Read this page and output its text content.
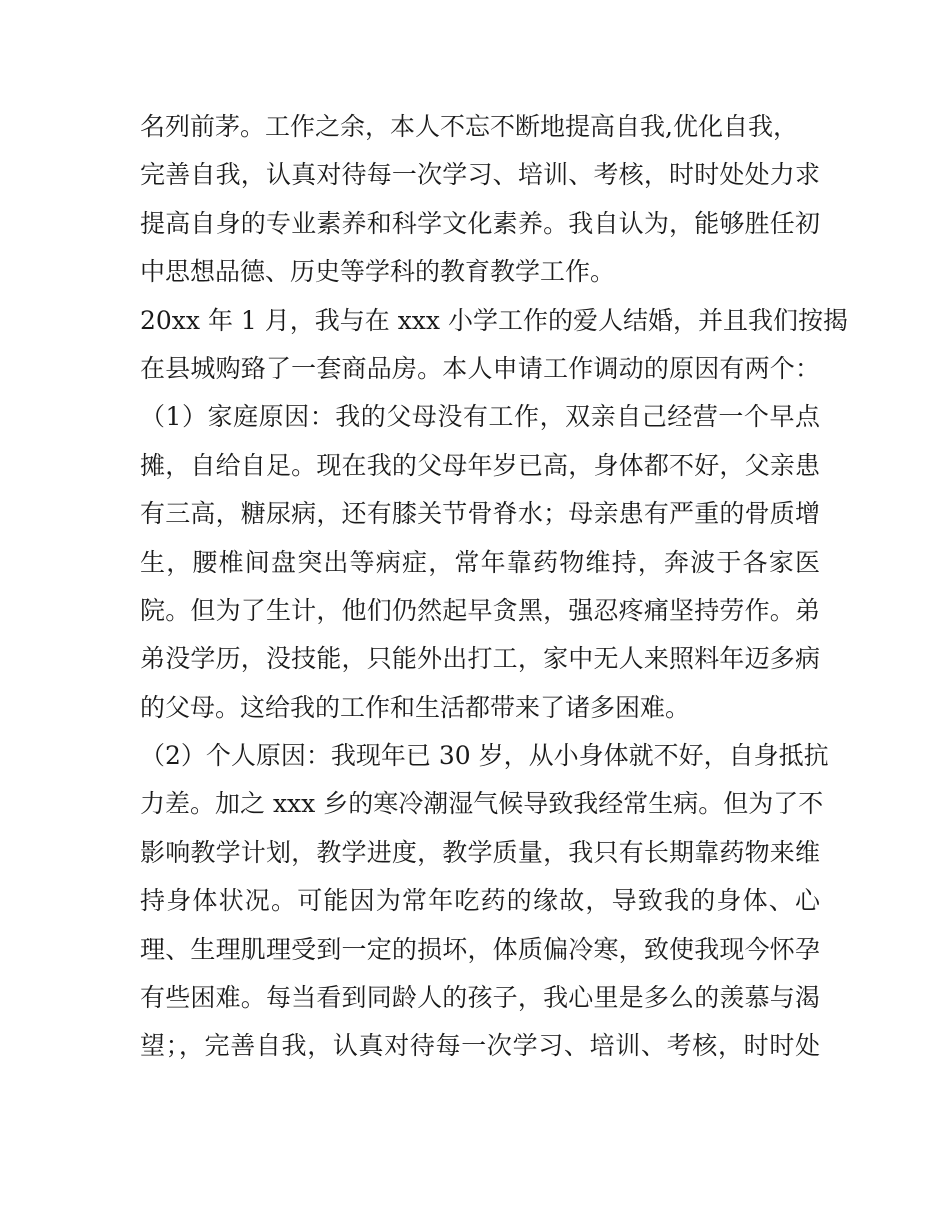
名列前茅。工作之余，本人不忘不断地提高自我,优化自我，
完善自我，认真对待每一次学习、培训、考核，时时处处力求
提高自身的专业素养和科学文化素养。我自认为，能够胜任初
中思想品德、历史等学科的教育教学工作。
20xx 年 1 月，我与在 xxx 小学工作的爱人结婚，并且我们按揭
在县城购臵了一套商品房。本人申请工作调动的原因有两个：
（1）家庭原因：我的父母没有工作，双亲自己经营一个早点
摊，自给自足。现在我的父母年岁已高，身体都不好，父亲患
有三高，糖尿病，还有膝关节骨脊水；母亲患有严重的骨质增
生，腰椎间盘突出等病症，常年靠药物维持，奔波于各家医
院。但为了生计，他们仍然起早贪黑，强忍疼痛坚持劳作。弟
弟没学历，没技能，只能外出打工，家中无人来照料年迈多病
的父母。这给我的工作和生活都带来了诸多困难。
（2）个人原因：我现年已 30 岁，从小身体就不好，自身抵抗
力差。加之 xxx 乡的寒冷潮湿气候导致我经常生病。但为了不
影响教学计划，教学进度，教学质量，我只有长期靠药物来维
持身体状况。可能因为常年吃药的缘故，导致我的身体、心
理、生理肌理受到一定的损坏，体质偏冷寒，致使我现今怀孕
有些困难。每当看到同龄人的孩子，我心里是多么的羡慕与渴
望；，完善自我，认真对待每一次学习、培训、考核，时时处
